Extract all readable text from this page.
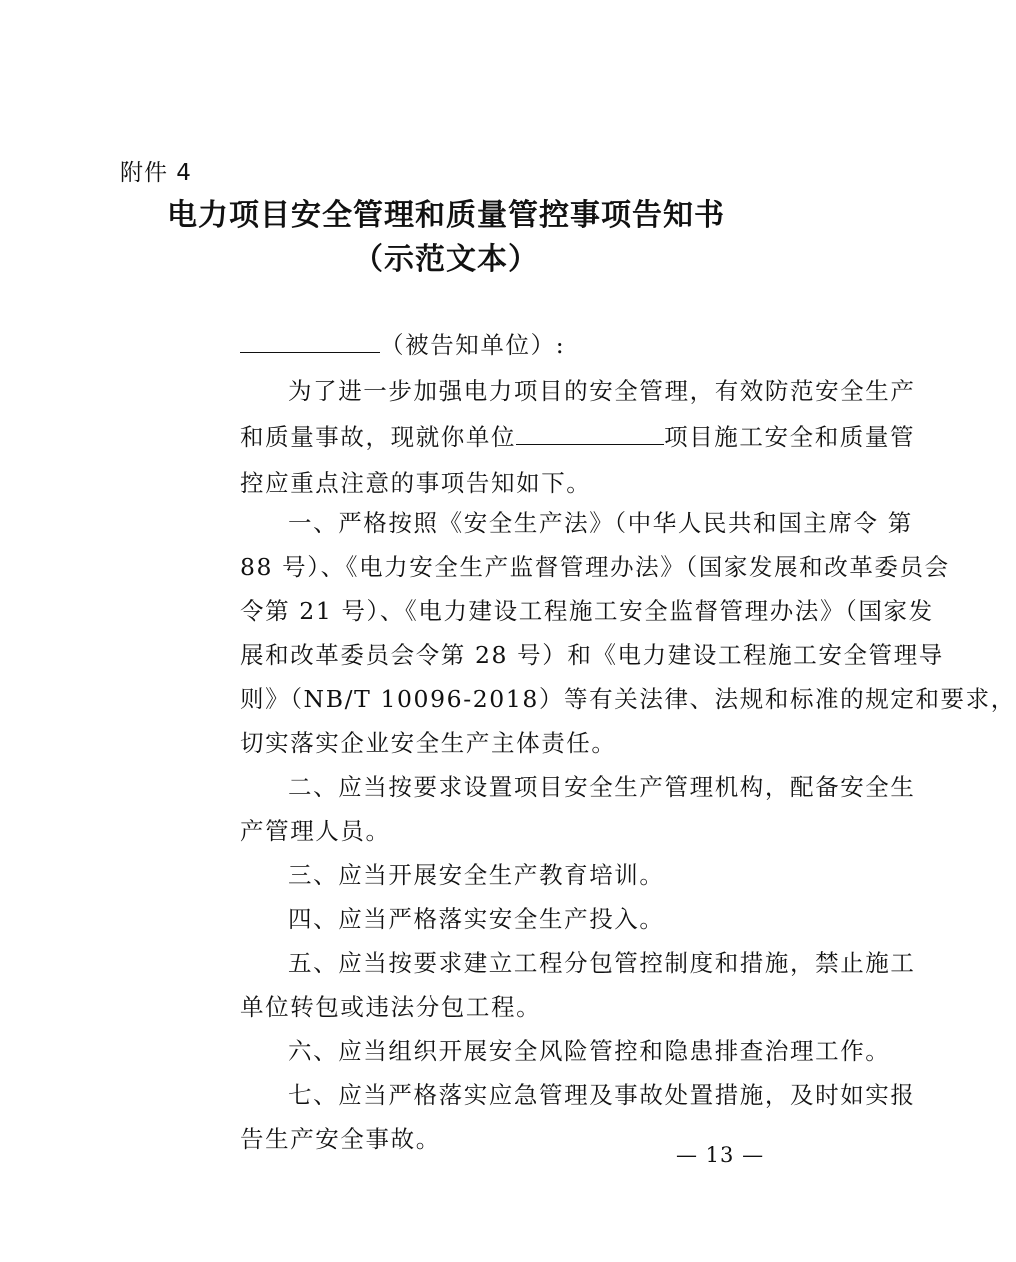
附件 4
电力项目安全管理和质量管控事项告知书
（示范文本）
（被告知单位）:
为了进一步加强电力项目的安全管理，有效防范安全生产
和质量事故，现就你单位	项目施工安全和质量管
控应重点注意的事项告知如下。
一、严格按照《安全生产法》（中华人民共和国主席令 第
88 号）、《电力安全生产监督管理办法》（国家发展和改革委员会
令第 21 号）、《电力建设工程施工安全监督管理办法》（国家发
展和改革委员会令第 28 号）和《电力建设工程施工安全管理导
则》（NB/T 10096-2018）等有关法律、法规和标准的规定和要求，
切实落实企业安全生产主体责任。
二、应当按要求设置项目安全生产管理机构，配备安全生
产管理人员。
三、应当开展安全生产教育培训。
四、应当严格落实安全生产投入。
五、应当按要求建立工程分包管控制度和措施，禁止施工
单位转包或违法分包工程。
六、应当组织开展安全风险管控和隐患排查治理工作。
七、应当严格落实应急管理及事故处置措施，及时如实报
告生产安全事故。
— 13 —
